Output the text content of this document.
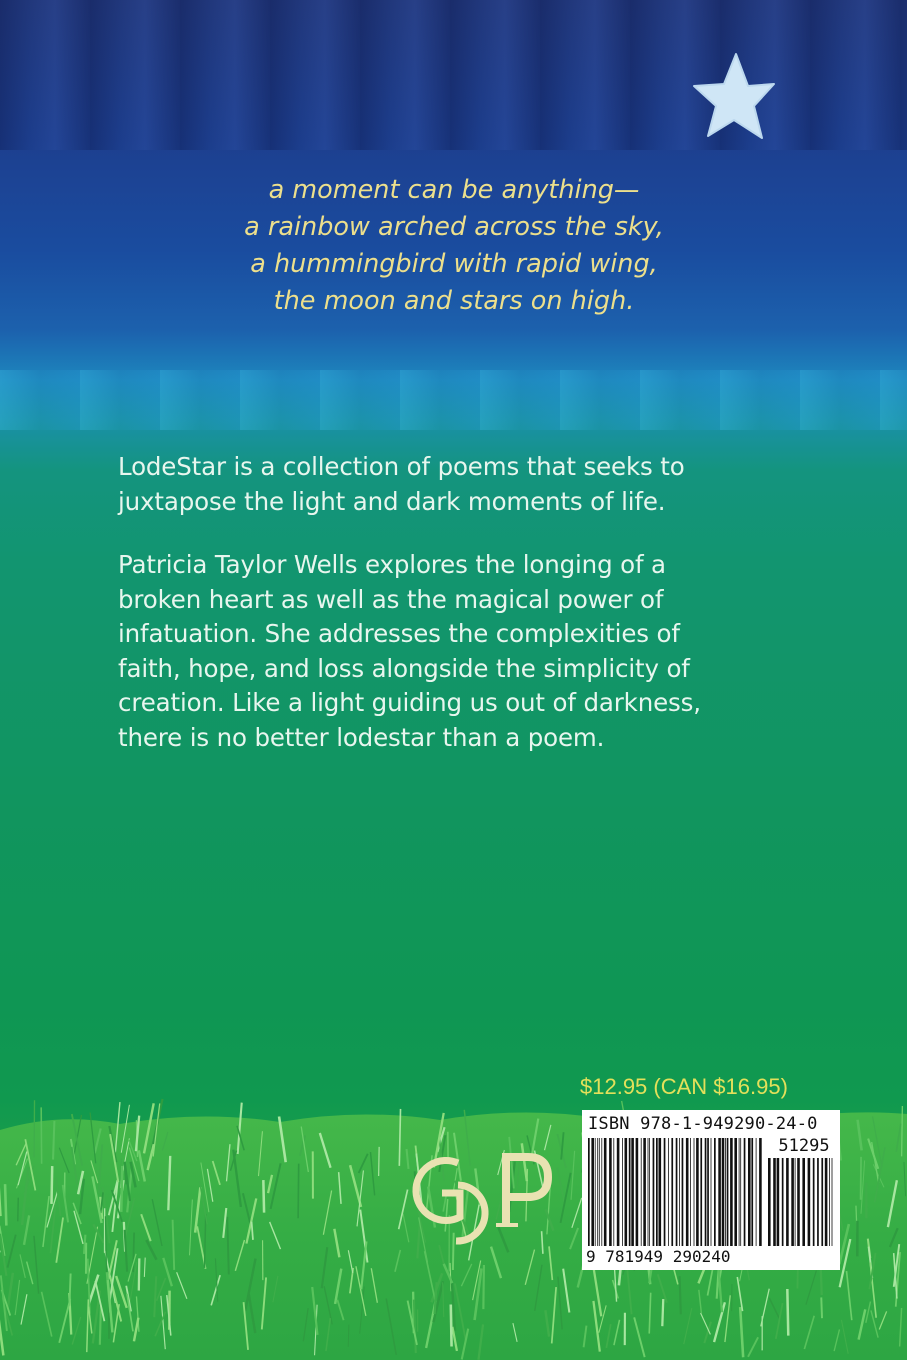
a moment can be anything—
a rainbow arched across the sky,
a hummingbird with rapid wing,
the moon and stars on high.

LodeStar is a collection of poems that seeks to
juxtapose the light and dark moments of life.

Patricia Taylor Wells explores the longing of a
broken heart as well as the magical power of
infatuation. She addresses the complexities of
faith, hope, and loss alongside the simplicity of
creation. Like a light guiding us out of darkness,
there is no better lodestar than a poem.

$12.95 (CAN $16.95)
ISBN 978-1-949290-24-0
51295
9 781949 290240
